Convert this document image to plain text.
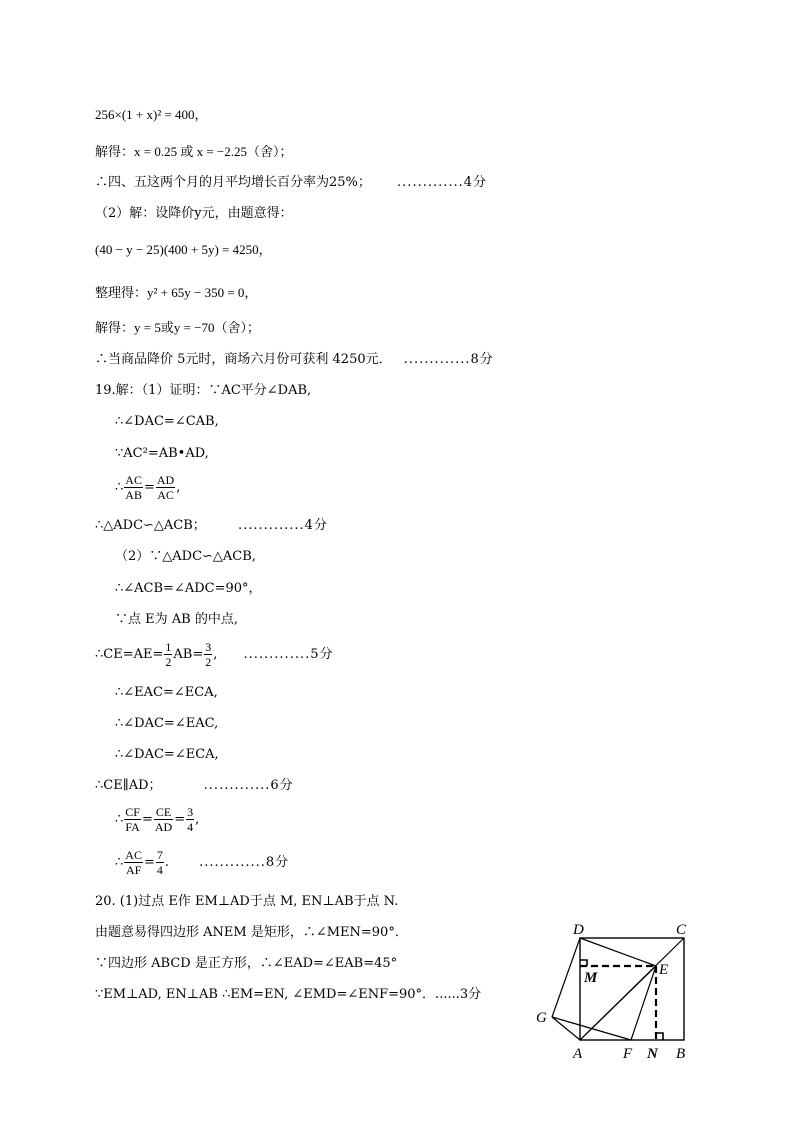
256×(1 + x)² = 400，
解得：x = 0.25 或 x = −2.25（舍）；
∴四、五这两个月的月平均增长百分率为25%； .............4分
（2）解：设降价y元，由题意得：
(40 − y − 25)(400 + 5y) = 4250，
整理得：y² + 65y − 350 = 0，
解得：y = 5或y = −70（舍）；
∴当商品降价 5元时，商场六月份可获利 4250元． .............8分
19.解：（1）证明：∵AC平分∠DAB,
∴∠DAC=∠CAB,
∵AC²=AB•AD,
∴ $\frac{AC}{AB} = \frac{AD}{AC}$ ,
∴△ADC∽△ACB； .............4分
（2）∵△ADC∽△ACB,
∴∠ACB=∠ADC=90°，
∵点 E为 AB 的中点,
∴CE=AE= $\frac{1}{2} AB= \frac{3}{2}$ , .............5分
∴∠EAC=∠ECA,
∴∠DAC=∠EAC,
∴∠DAC=∠ECA,
∴CE∥AD；	.............6分
∴ $\frac{CF}{FA} = \frac{CE}{AD} = \frac{3}{4}$ ,
∴ $\frac{AC}{AF} = \frac{7}{4}$ . .............8分
20. (1)过点 E作 EM⊥AD于点 M, EN⊥AB于点 N.
由题意易得四边形 ANEM 是矩形，∴∠MEN=90°．
∵四边形 ABCD 是正方形，∴∠EAD=∠EAB=45°
∵EM⊥AD, EN⊥AB ∴EM=EN, ∠EMD=∠ENF=90°．......3分
D	C
M	E
G
A	F N B
